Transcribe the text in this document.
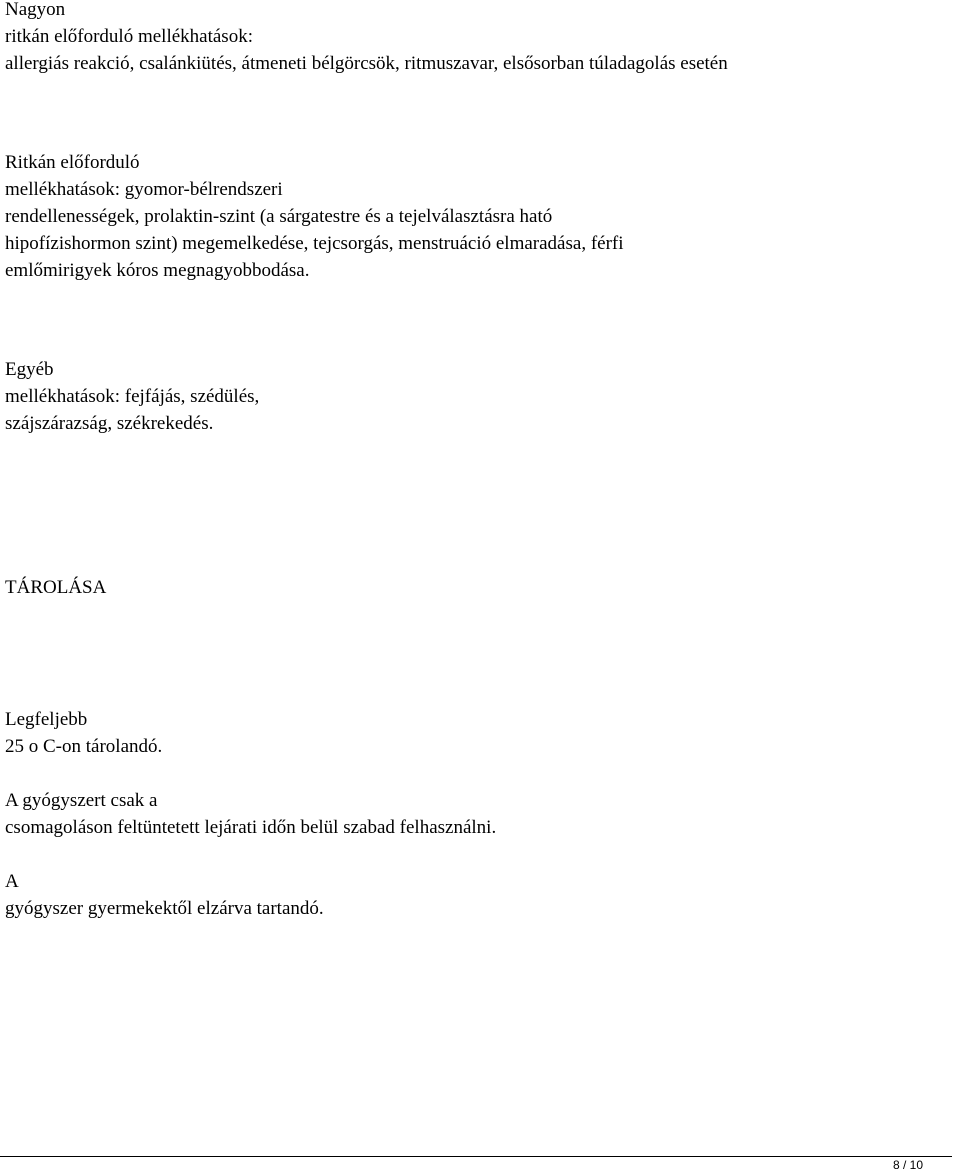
Nagyon

ritkán előforduló mellékhatások:

allergiás reakció, csalánkiütés, átmeneti bélgörcsök, ritmuszavar, elsősorban túladagolás esetén

Ritkán előforduló

mellékhatások: gyomor-bélrendszeri

rendellenességek, prolaktin-szint (a sárgatestre és a tejelválasztásra ható

hipofízishormon szint) megemelkedése, tejcsorgás, menstruáció elmaradása, férfi

emlőmirigyek kóros megnagyobbodása.

Egyéb

mellékhatások: fejfájás, szédülés,

szájszárazság, székrekedés.

TÁROLÁSA

Legfeljebb

25 o C-on tárolandó.

A gyógyszert csak a

csomagoláson feltüntetett lejárati időn belül szabad felhasználni.

A

gyógyszer gyermekektől elzárva tartandó.

8 / 10
